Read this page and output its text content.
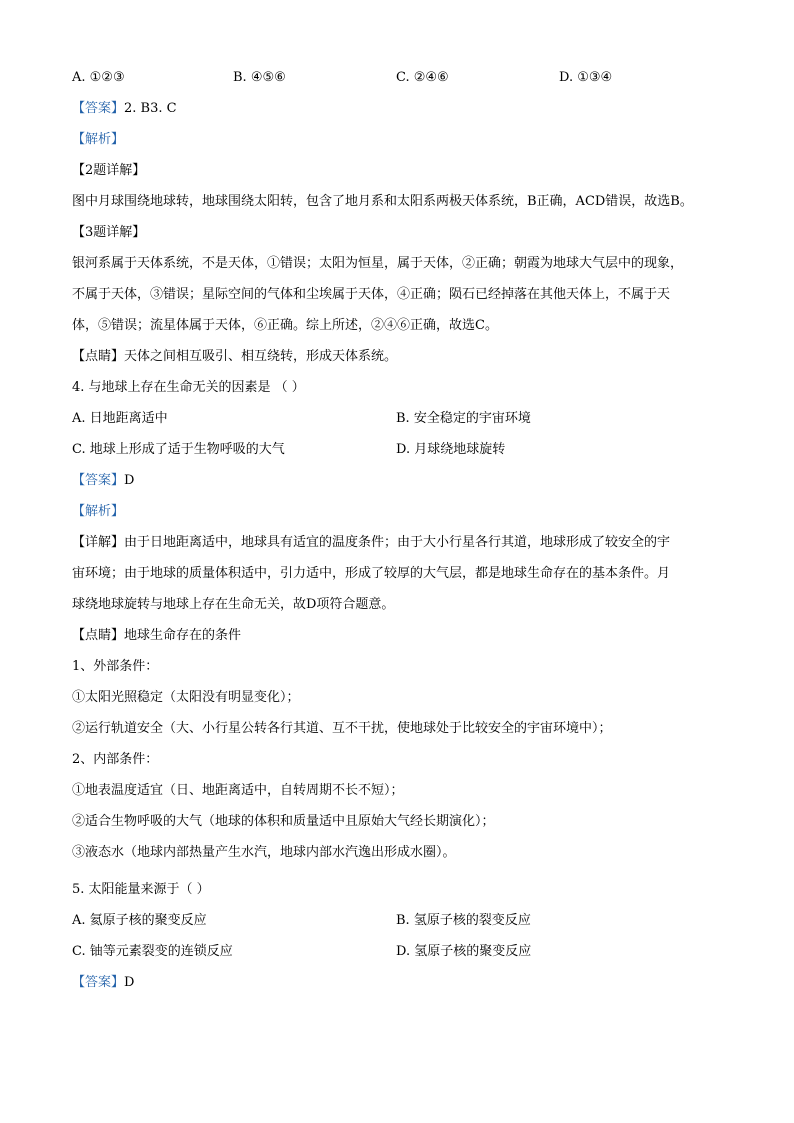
A. ①②③	B. ④⑤⑥	C. ②④⑥	D. ①③④
【答案】2. B3. C
【解析】
【2题详解】
图中月球围绕地球转，地球围绕太阳转，包含了地月系和太阳系两极天体系统，B正确，ACD错误，故选B。
【3题详解】
银河系属于天体系统，不是天体，①错误；太阳为恒星，属于天体，②正确；朝霞为地球大气层中的现象，
不属于天体，③错误；星际空间的气体和尘埃属于天体，④正确；陨石已经掉落在其他天体上，不属于天
体，⑤错误；流星体属于天体，⑥正确。综上所述，②④⑥正确，故选C。
【点睛】天体之间相互吸引、相互绕转，形成天体系统。
4. 与地球上存在生命无关的因素是 （ ）
A. 日地距离适中	B. 安全稳定的宇宙环境
C. 地球上形成了适于生物呼吸的大气	D. 月球绕地球旋转
【答案】D
【解析】
【详解】由于日地距离适中，地球具有适宜的温度条件；由于大小行星各行其道，地球形成了较安全的宇
宙环境；由于地球的质量体积适中，引力适中，形成了较厚的大气层，都是地球生命存在的基本条件。月
球绕地球旋转与地球上存在生命无关，故D项符合题意。
【点睛】地球生命存在的条件
1、外部条件：
①太阳光照稳定（太阳没有明显变化）；
②运行轨道安全（大、小行星公转各行其道、互不干扰，使地球处于比较安全的宇宙环境中）；
2、内部条件：
①地表温度适宜（日、地距离适中，自转周期不长不短）；
②适合生物呼吸的大气（地球的体积和质量适中且原始大气经长期演化）；
③液态水（地球内部热量产生水汽，地球内部水汽逸出形成水圈）。
5. 太阳能量来源于（ ）
A. 氦原子核的聚变反应	B. 氢原子核的裂变反应
C. 铀等元素裂变的连锁反应	D. 氢原子核的聚变反应
【答案】D
